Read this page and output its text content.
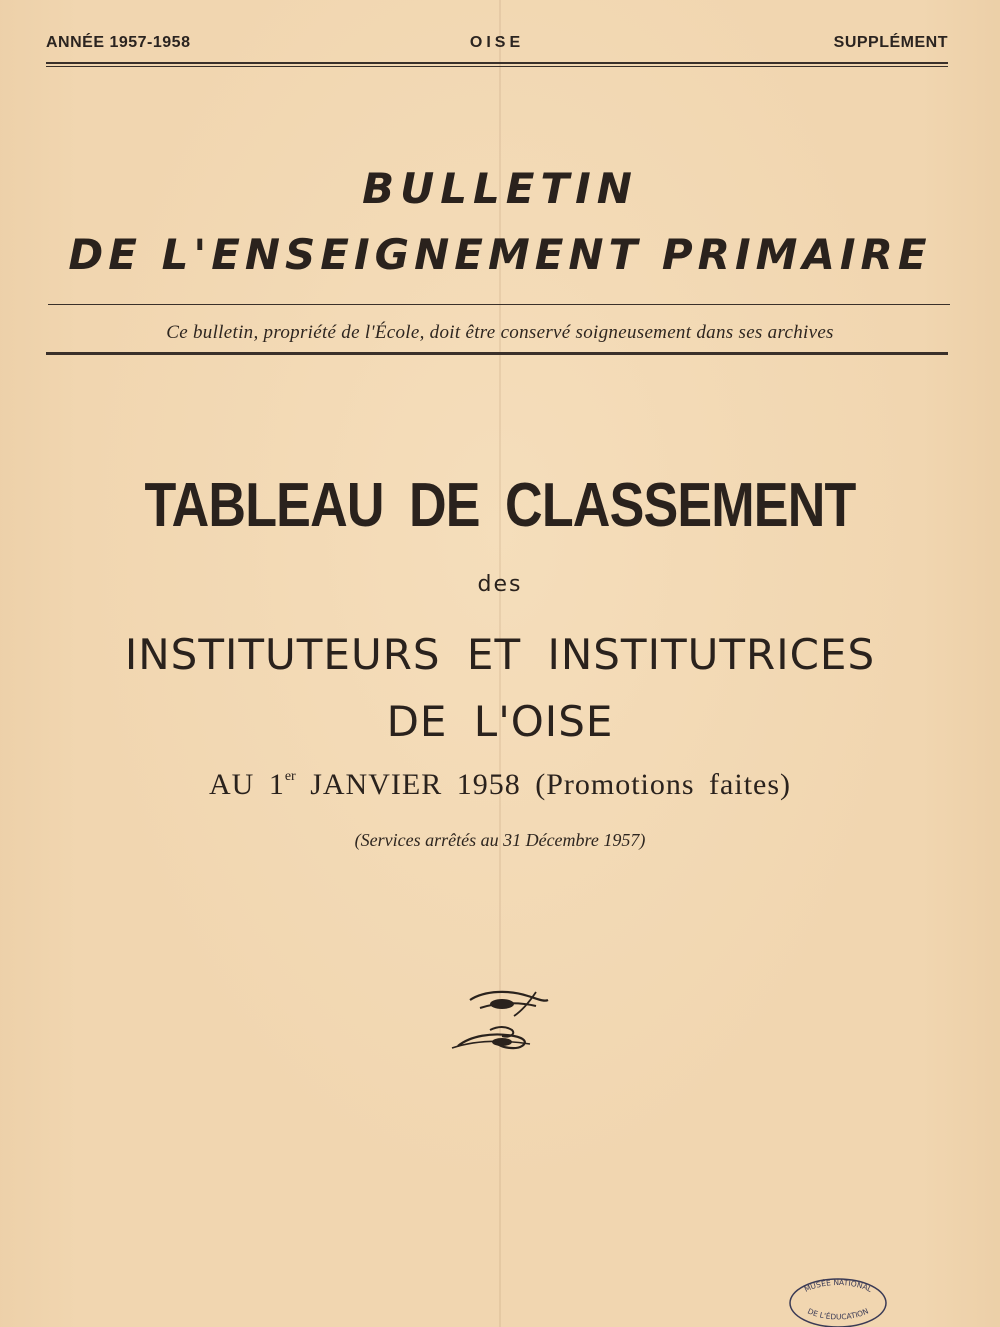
ANNÉE 1957-1958	OISE	SUPPLÉMENT
BULLETIN
DE L'ENSEIGNEMENT PRIMAIRE
Ce bulletin, propriété de l'École, doit être conservé soigneusement dans ses archives
TABLEAU DE CLASSEMENT
des
INSTITUTEURS ET INSTITUTRICES
DE L'OISE
AU 1er JANVIER 1958 (Promotions faites)
(Services arrêtés au 31 Décembre 1957)
MUSÉE NATIONAL
DE L'ÉDUCATION
